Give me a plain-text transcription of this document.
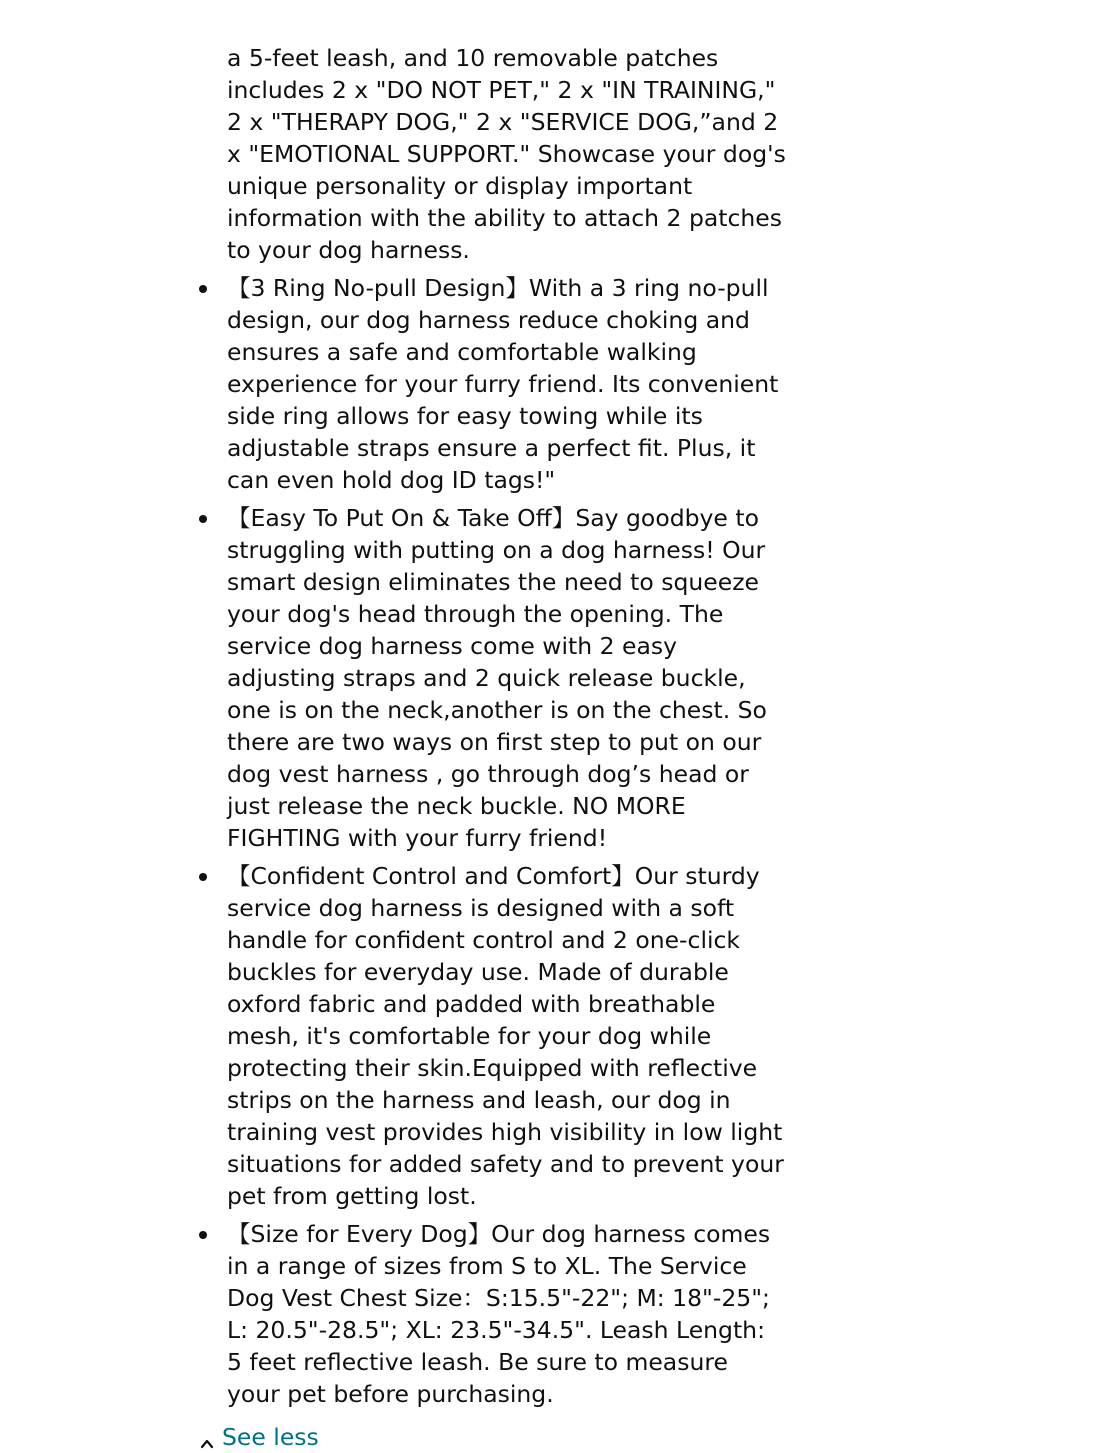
a 5-feet leash, and 10 removable patches includes 2 x "DO NOT PET," 2 x "IN TRAINING," 2 x "THERAPY DOG," 2 x "SERVICE DOG,”and 2 x "EMOTIONAL SUPPORT." Showcase your dog's unique personality or display important information with the ability to attach 2 patches to your dog harness.

【3 Ring No-pull Design】With a 3 ring no-pull design, our dog harness reduce choking and ensures a safe and comfortable walking experience for your furry friend. Its convenient side ring allows for easy towing while its adjustable straps ensure a perfect fit. Plus, it can even hold dog ID tags!"

【Easy To Put On & Take Off】Say goodbye to struggling with putting on a dog harness! Our smart design eliminates the need to squeeze your dog's head through the opening. The service dog harness come with 2 easy adjusting straps and 2 quick release buckle, one is on the neck,another is on the chest. So there are two ways on first step to put on our dog vest harness , go through dog’s head or just release the neck buckle. NO MORE FIGHTING with your furry friend!

【Confident Control and Comfort】Our sturdy service dog harness is designed with a soft handle for confident control and 2 one-click buckles for everyday use. Made of durable oxford fabric and padded with breathable mesh, it's comfortable for your dog while protecting their skin.Equipped with reflective strips on the harness and leash, our dog in training vest provides high visibility in low light situations for added safety and to prevent your pet from getting lost.

【Size for Every Dog】Our dog harness comes in a range of sizes from S to XL. The Service Dog Vest Chest Size：S:15.5"-22"; M: 18"-25"; L: 20.5"-28.5"; XL: 23.5"-34.5". Leash Length: 5 feet reflective leash. Be sure to measure your pet before purchasing.

See less
